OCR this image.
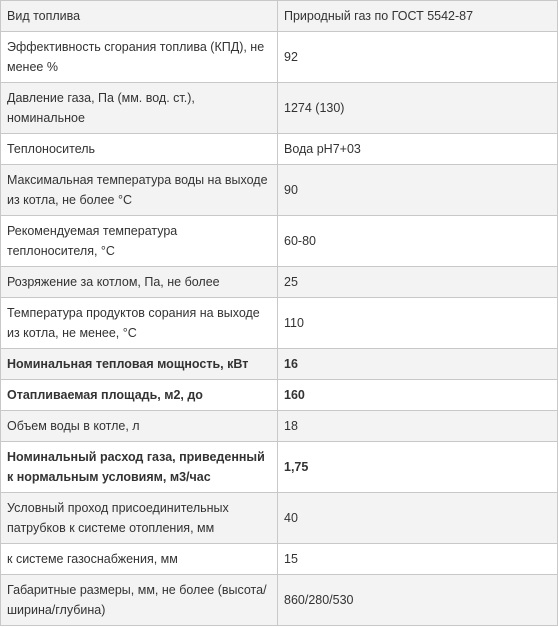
Вид топлива	Природный газ по ГОСТ 5542-87
Эффективность сгорания топлива (КПД), не менее %	92
Давление газа, Па (мм. вод. ст.), номинальное	1274 (130)
Теплоноситель	Вода рН7+03
Максимальная температура воды на выходе из котла, не более °С	90
Рекомендуемая температура теплоносителя, °С	60-80
Розряжение за котлом, Па, не более	25
Температура продуктов сорания на выходе из котла, не менее, °С	110
Номинальная тепловая мощность, кВт	16
Отапливаемая площадь, м2, до	160
Объем воды в котле, л	18
Номинальный расход газа, приведенный к нормальным условиям, м3/час	1,75
Условный проход присоединительных патрубков к системе отопления, мм	40
к системе газоснабжения, мм	15
Габаритные размеры, мм, не более (высота/ширина/глубина)	860/280/530
